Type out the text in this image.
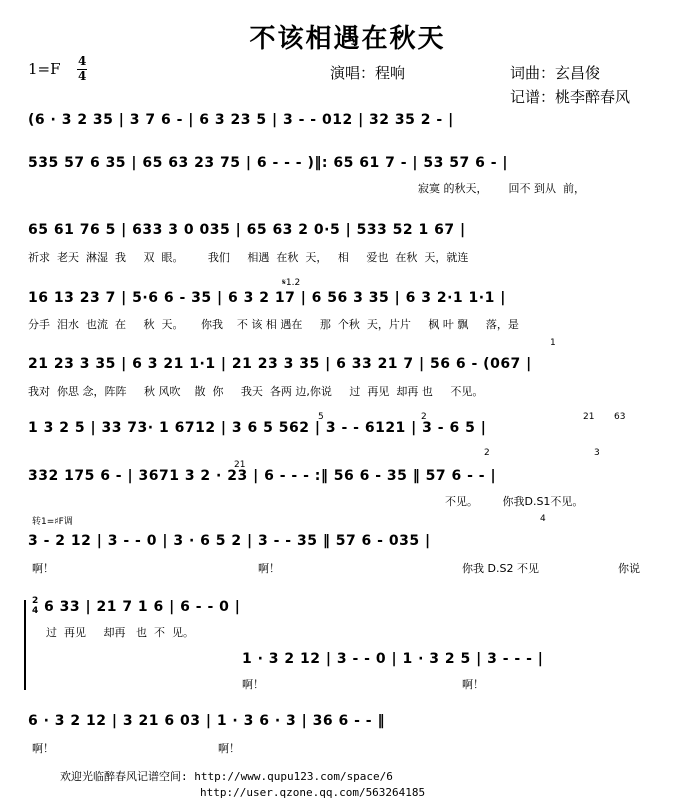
不该相遇在秋天
1=F 4
4	演唱：程响	词曲：玄昌俊
记谱：桃李醉春风
(6 · 3 2 35 | 3 7 6 - | 6 3 23 5 | 3 - - 012 | 32 35 2 - |
535 57 6 35 | 65 63 23 75 | 6 - - - )‖: 65 61 7 - | 53 57 6 - |
寂寞 的秋天，      回不 到从  前，
65 61 76 5 | 633 3 0 035 | 65 63 2 0·5 | 533 52 1 67 |
祈求  老天  淋湿  我     双  眼。       我们     相遇  在秋  天，   相     爱也  在秋  天，就连
𝄋1.2
16 13 23 7 | 5·6 6 - 35 | 6 3 2 17 | 6 56 3 35 | 6 3 2·1 1·1 |
分手  泪水  也流  在     秋  天。     你我    不 该 相 遇在     那  个秋  天，片片     枫 叶 飘     落，是
1
21 23 3 35 | 6 3 21 1·1 | 21 23 3 35 | 6 33 21 7 | 56 6 - (067 |
我对  你思 念，阵阵     秋 风吹    散  你     我天  各两 边,你说     过  再见  却再 也     不见。
5	2	21 63
1 3 2 5 | 33 73· 1 6712 | 3 6 5 562 | 3 - - 6121 | 3 - 6 5 |
2	3
21
332 175 6 - | 3671 3 2 · 23 | 6 - - - :‖ 56 6 - 35 ‖ 57 6 - - |
不见。       你我D.S1不见。
转1=♯F调	4
3 - 2 12 | 3 - - 0 | 3 · 6 5 2 | 3 - - 35 ‖ 57 6 - 035 |
啊！	啊！	你我 D.S2 不见	你说
2
4 6 33 | 21 7 1 6 | 6 - - 0 |
过  再见     却再   也  不  见。
1 · 3 2 12 | 3 - - 0 | 1 · 3 2 5 | 3 - - - |
啊！	啊！
6 · 3 2 12 | 3 21 6 03 | 1 · 3 6 · 3 | 36 6 - - ‖
啊！	啊！
欢迎光临醉春风记谱空间: http://www.qupu123.com/space/6
http://user.qzone.qq.com/563264185
